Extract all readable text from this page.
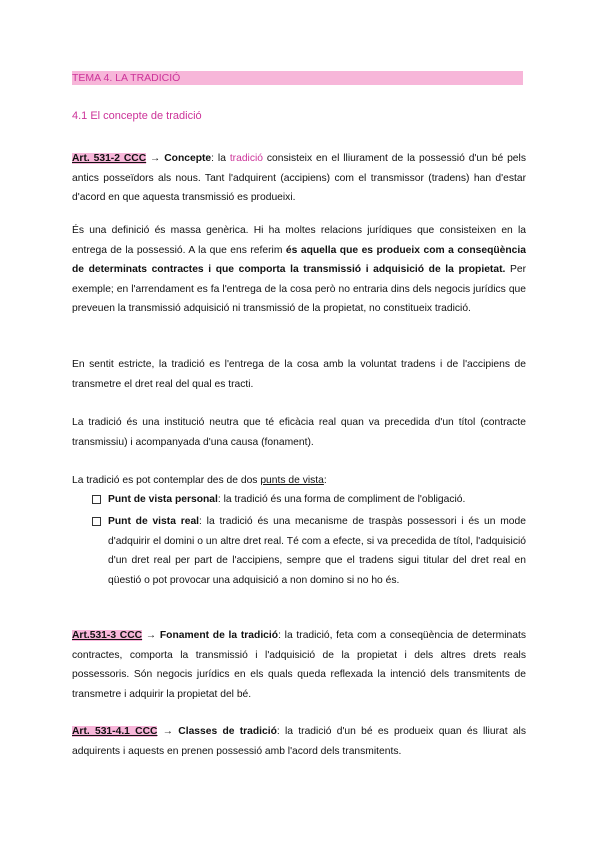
TEMA 4. LA TRADICIÓ
4.1 El concepte de tradició

Art. 531-2 CCC → Concepte: la tradició consisteix en el lliurament de la possessió d'un bé pels antics posseïdors als nous. Tant l'adquirent (accipiens) com el transmissor (tradens) han d'estar d'acord en que aquesta transmissió es produeixi.

És una definició és massa genèrica. Hi ha moltes relacions jurídiques que consisteixen en la entrega de la possessió. A la que ens referim és aquella que es produeix com a conseqüència de determinats contractes i que comporta la transmissió i adquisició de la propietat. Per exemple; en l'arrendament es fa l'entrega de la cosa però no entraria dins dels negocis jurídics que preveuen la transmissió adquisició ni transmissió de la propietat, no constitueix tradició.

En sentit estricte, la tradició es l'entrega de la cosa amb la voluntat tradens i de l'accipiens de transmetre el dret real del qual es tracti.

La tradició és una institució neutra que té eficàcia real quan va precedida d'un títol (contracte transmissiu) i acompanyada d'una causa (fonament).

La tradició es pot contemplar des de dos punts de vista:

Punt de vista personal: la tradició és una forma de compliment de l'obligació.
Punt de vista real: la tradició és una mecanisme de traspàs possessori i és un mode d'adquirir el domini o un altre dret real. Té com a efecte, si va precedida de títol, l'adquisició d'un dret real per part de l'accipiens, sempre que el tradens sigui titular del dret real en qüestió o pot provocar una adquisició a non domino si no ho és.

Art.531-3 CCC → Fonament de la tradició: la tradició, feta com a conseqüència de determinats contractes, comporta la transmissió i l'adquisició de la propietat i dels altres drets reals possessoris. Són negocis jurídics en els quals queda reflexada la intenció dels transmitents de transmetre i adquirir la propietat del bé.

Art. 531-4.1 CCC → Classes de tradició: la tradició d'un bé es produeix quan és lliurat als adquirents i aquests en prenen possessió amb l'acord dels transmitents.
